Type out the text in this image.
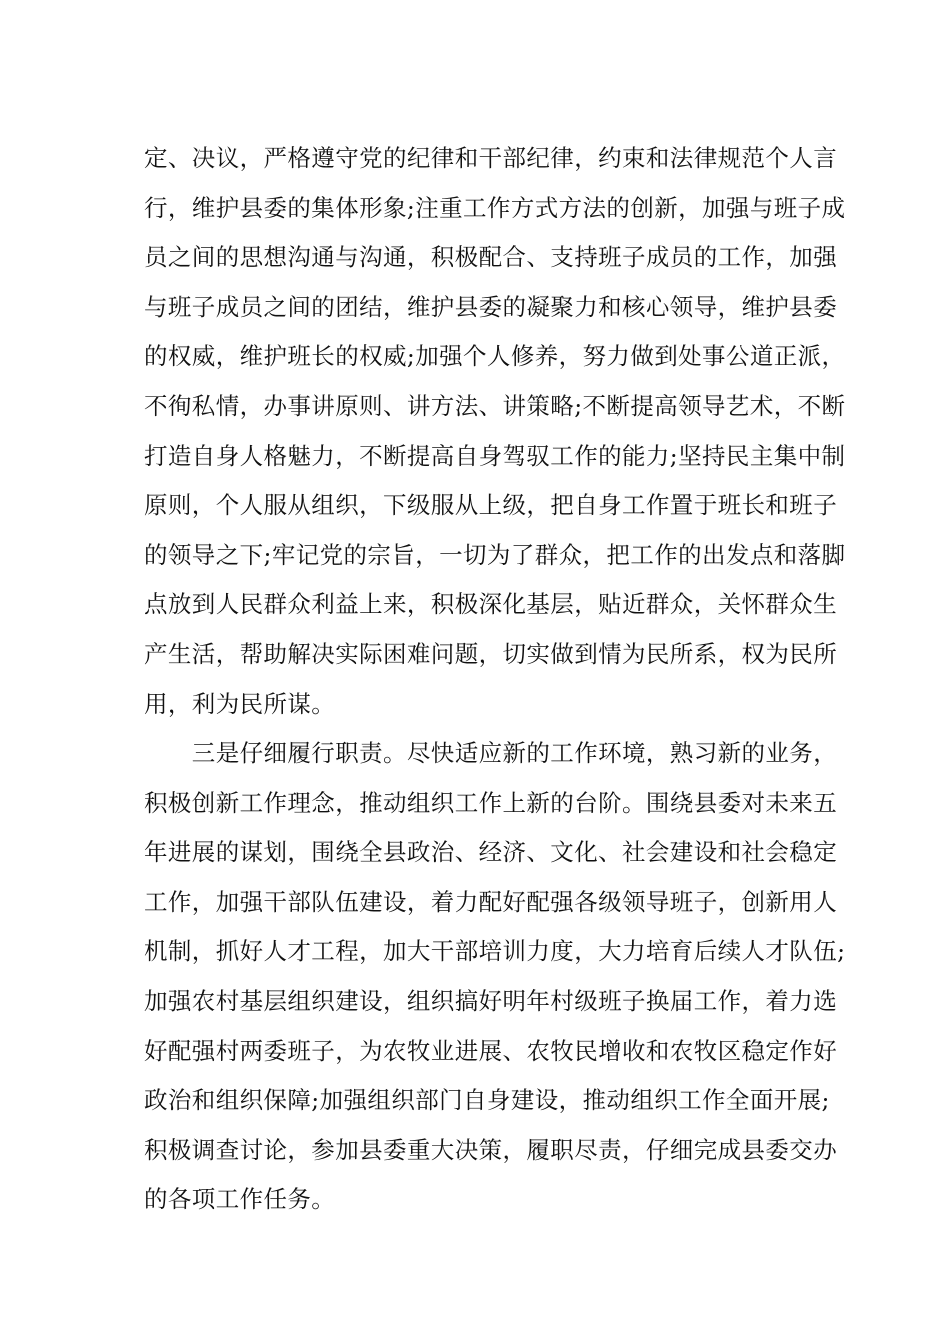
定、决议，严格遵守党的纪律和干部纪律，约束和法律规范个人言
行，维护县委的集体形象;注重工作方式方法的创新，加强与班子成
员之间的思想沟通与沟通，积极配合、支持班子成员的工作，加强
与班子成员之间的团结，维护县委的凝聚力和核心领导，维护县委
的权威，维护班长的权威;加强个人修养，努力做到处事公道正派，
不徇私情，办事讲原则、讲方法、讲策略;不断提高领导艺术，不断
打造自身人格魅力，不断提高自身驾驭工作的能力;坚持民主集中制
原则，个人服从组织，下级服从上级，把自身工作置于班长和班子
的领导之下;牢记党的宗旨，一切为了群众，把工作的出发点和落脚
点放到人民群众利益上来，积极深化基层，贴近群众，关怀群众生
产生活，帮助解决实际困难问题，切实做到情为民所系，权为民所
用，利为民所谋。
　　三是仔细履行职责。尽快适应新的工作环境，熟习新的业务，
积极创新工作理念，推动组织工作上新的台阶。围绕县委对未来五
年进展的谋划，围绕全县政治、经济、文化、社会建设和社会稳定
工作，加强干部队伍建设，着力配好配强各级领导班子，创新用人
机制，抓好人才工程，加大干部培训力度，大力培育后续人才队伍;
加强农村基层组织建设，组织搞好明年村级班子换届工作，着力选
好配强村两委班子，为农牧业进展、农牧民增收和农牧区稳定作好
政治和组织保障;加强组织部门自身建设，推动组织工作全面开展;
积极调查讨论，参加县委重大决策，履职尽责，仔细完成县委交办
的各项工作任务。
